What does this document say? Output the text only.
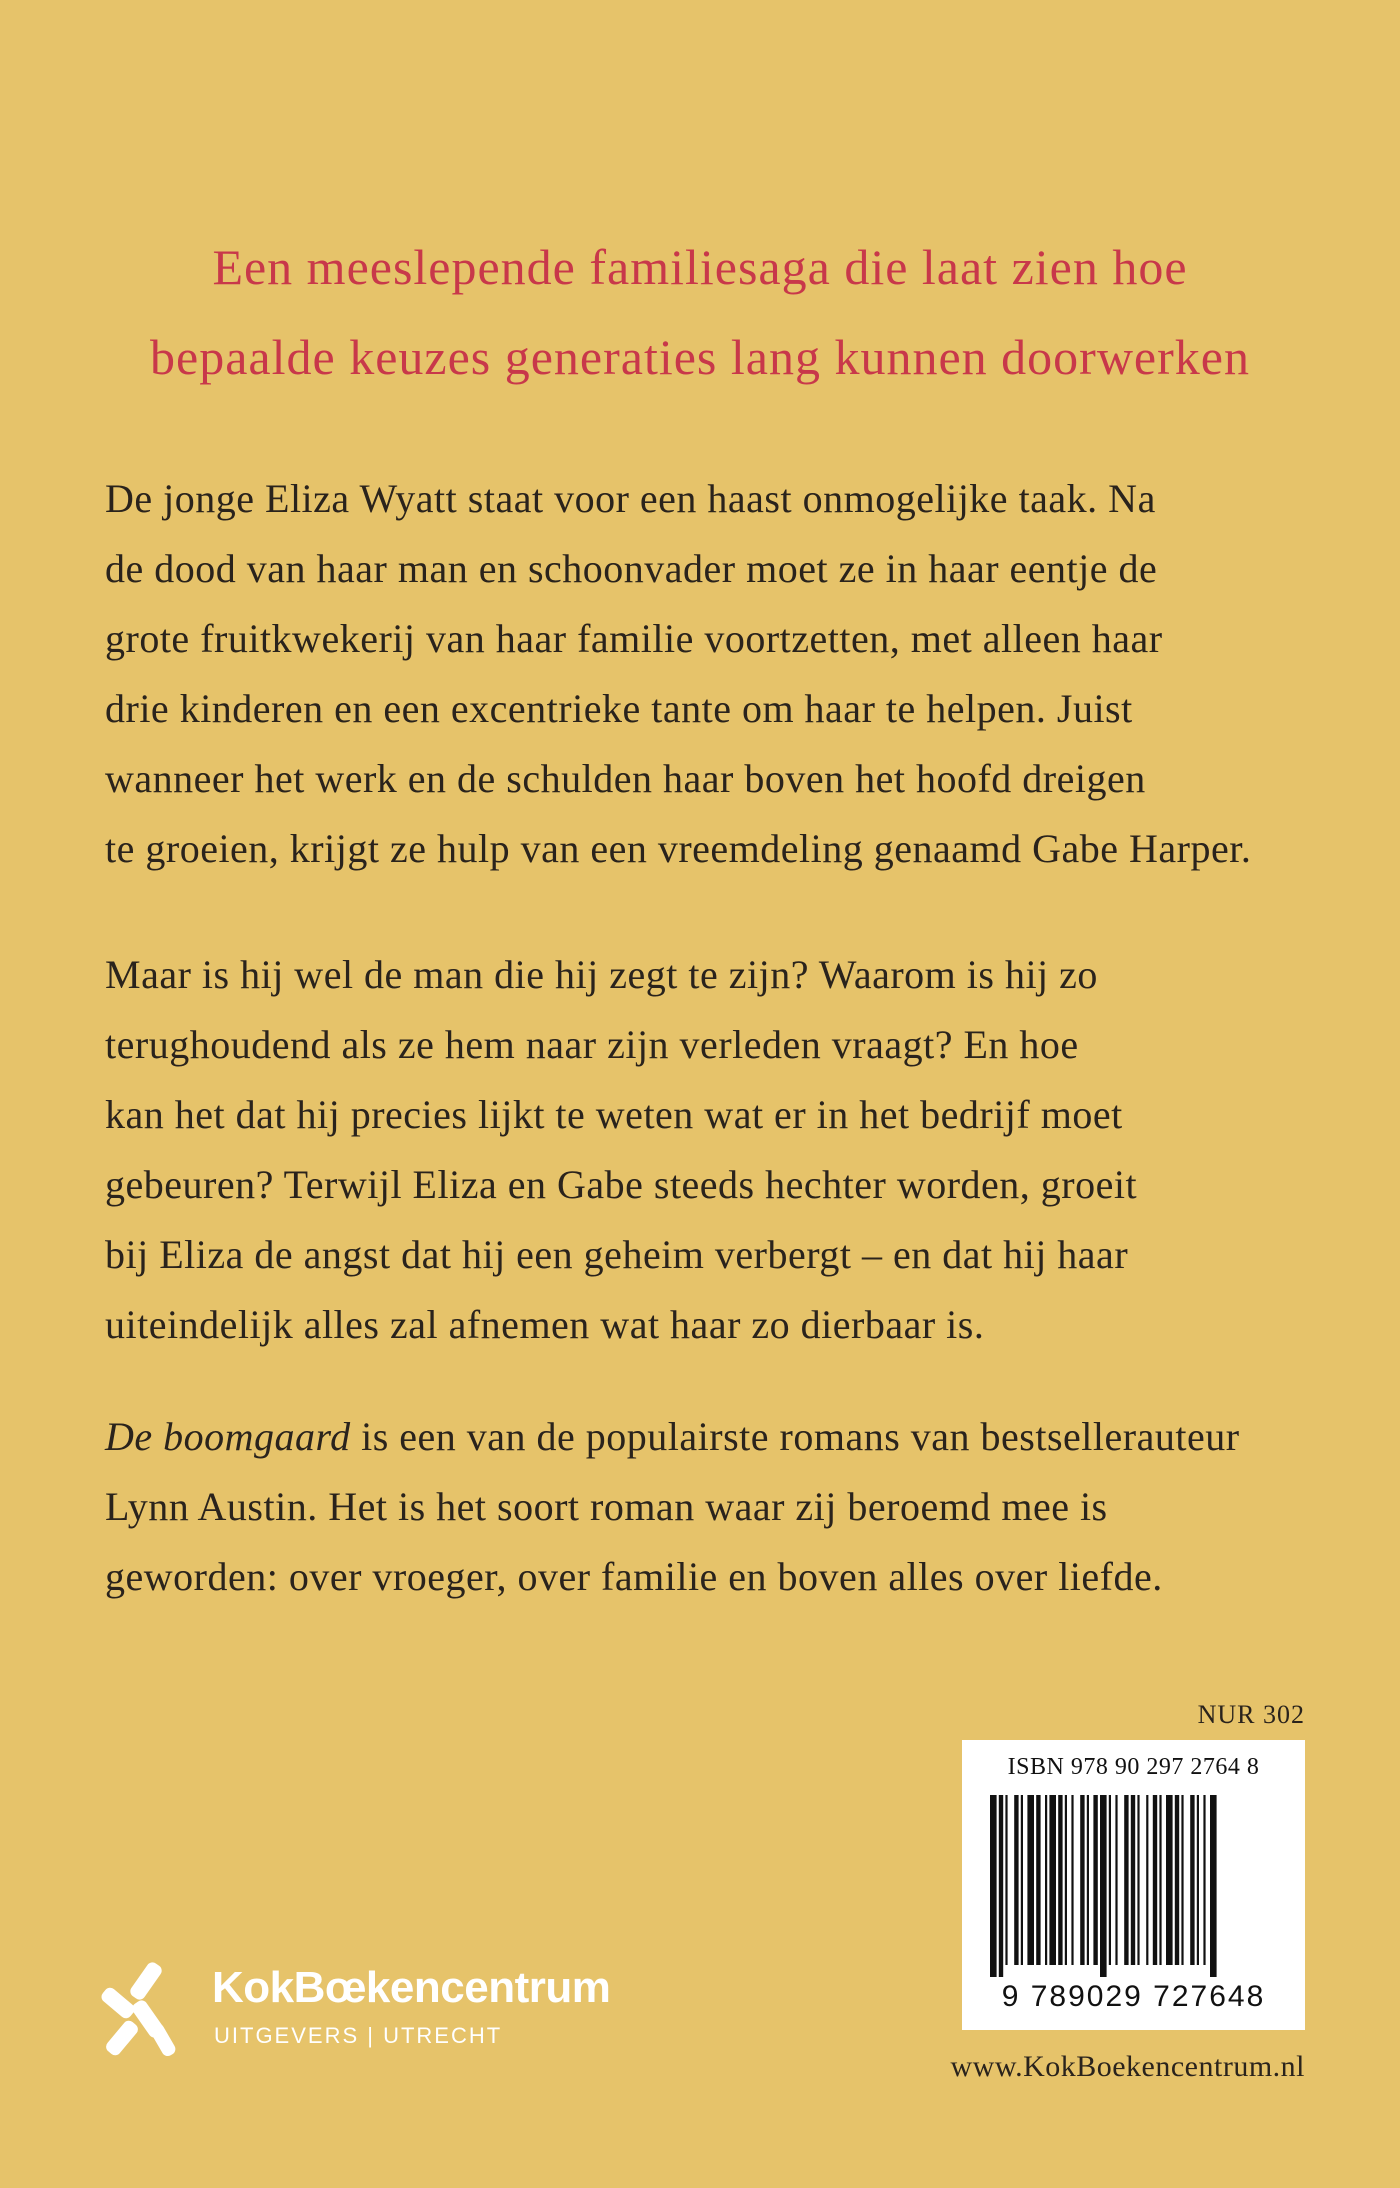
Een meeslepende familiesaga die laat zien hoe
bepaalde keuzes generaties lang kunnen doorwerken
De jonge Eliza Wyatt staat voor een haast onmogelijke taak. Na
de dood van haar man en schoonvader moet ze in haar eentje de
grote fruitkwekerij van haar familie voortzetten, met alleen haar
drie kinderen en een excentrieke tante om haar te helpen. Juist
wanneer het werk en de schulden haar boven het hoofd dreigen
te groeien, krijgt ze hulp van een vreemdeling genaamd Gabe Harper.
Maar is hij wel de man die hij zegt te zijn? Waarom is hij zo
terughoudend als ze hem naar zijn verleden vraagt? En hoe
kan het dat hij precies lijkt te weten wat er in het bedrijf moet
gebeuren? Terwijl Eliza en Gabe steeds hechter worden, groeit
bij Eliza de angst dat hij een geheim verbergt – en dat hij haar
uiteindelijk alles zal afnemen wat haar zo dierbaar is.
De boomgaard is een van de populairste romans van bestsellerauteur
Lynn Austin. Het is het soort roman waar zij beroemd mee is
geworden: over vroeger, over familie en boven alles over liefde.
NUR 302
ISBN 978 90 297 2764 8
9 789029 727648
www.KokBoekencentrum.nl
KokBœkencentrum
UITGEVERS | UTRECHT
